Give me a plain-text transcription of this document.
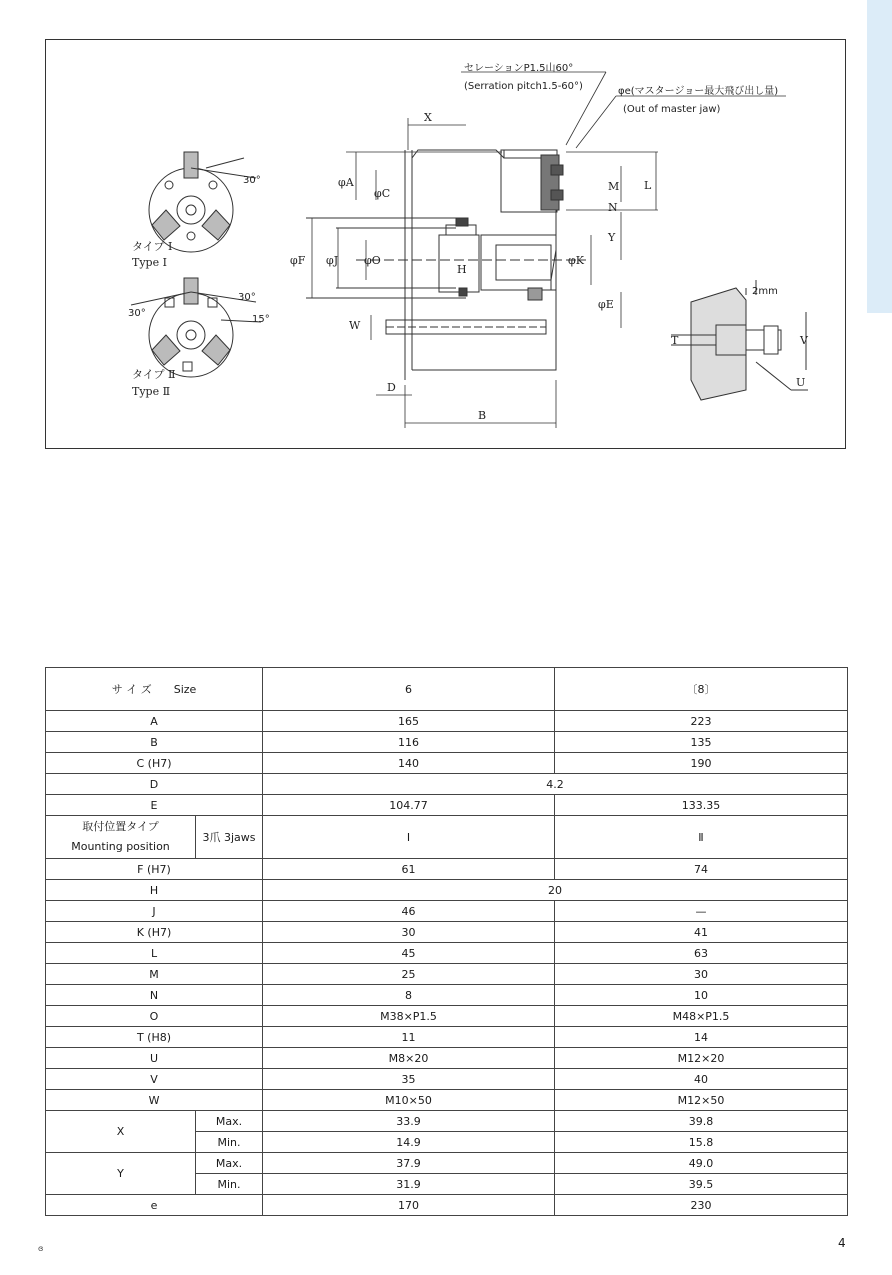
セレーションP1.5山60°
(Serration pitch1.5-60°)	φe(マスタージョー最大飛び出し量)
(Out of master jaw)
X
φA
φC
φF φJ φO
H
φK
φE
M
N
L
Y
W
D
B
T	V
U
2mm
30°
30°
30°
15°
タイプ Ⅰ
Type Ⅰ
タイプ Ⅱ
Type Ⅱ
サ イ ズ　　Size		6	〔8〕
A		165	223
B		116	135
C (H7)		140	190
D		4.2	
E		104.77	133.35

取付位置タイプ
Mounting position	3爪 3jaws	Ⅰ	Ⅱ
F (H7)		61	74
H		20	
J		46	—
K (H7)		30	41
L		45	63
M		25	30
N		8	10
O		M38×P1.5	M48×P1.5
T (H8)		11	14
U		M8×20	M12×20
V		35	40
W		M10×50	M12×50
X	Max.	33.9	39.8
	Min.	14.9	15.8
Y	Max.	37.9	49.0
	Min.	31.9	39.5
e		170	230
ɞ	4
